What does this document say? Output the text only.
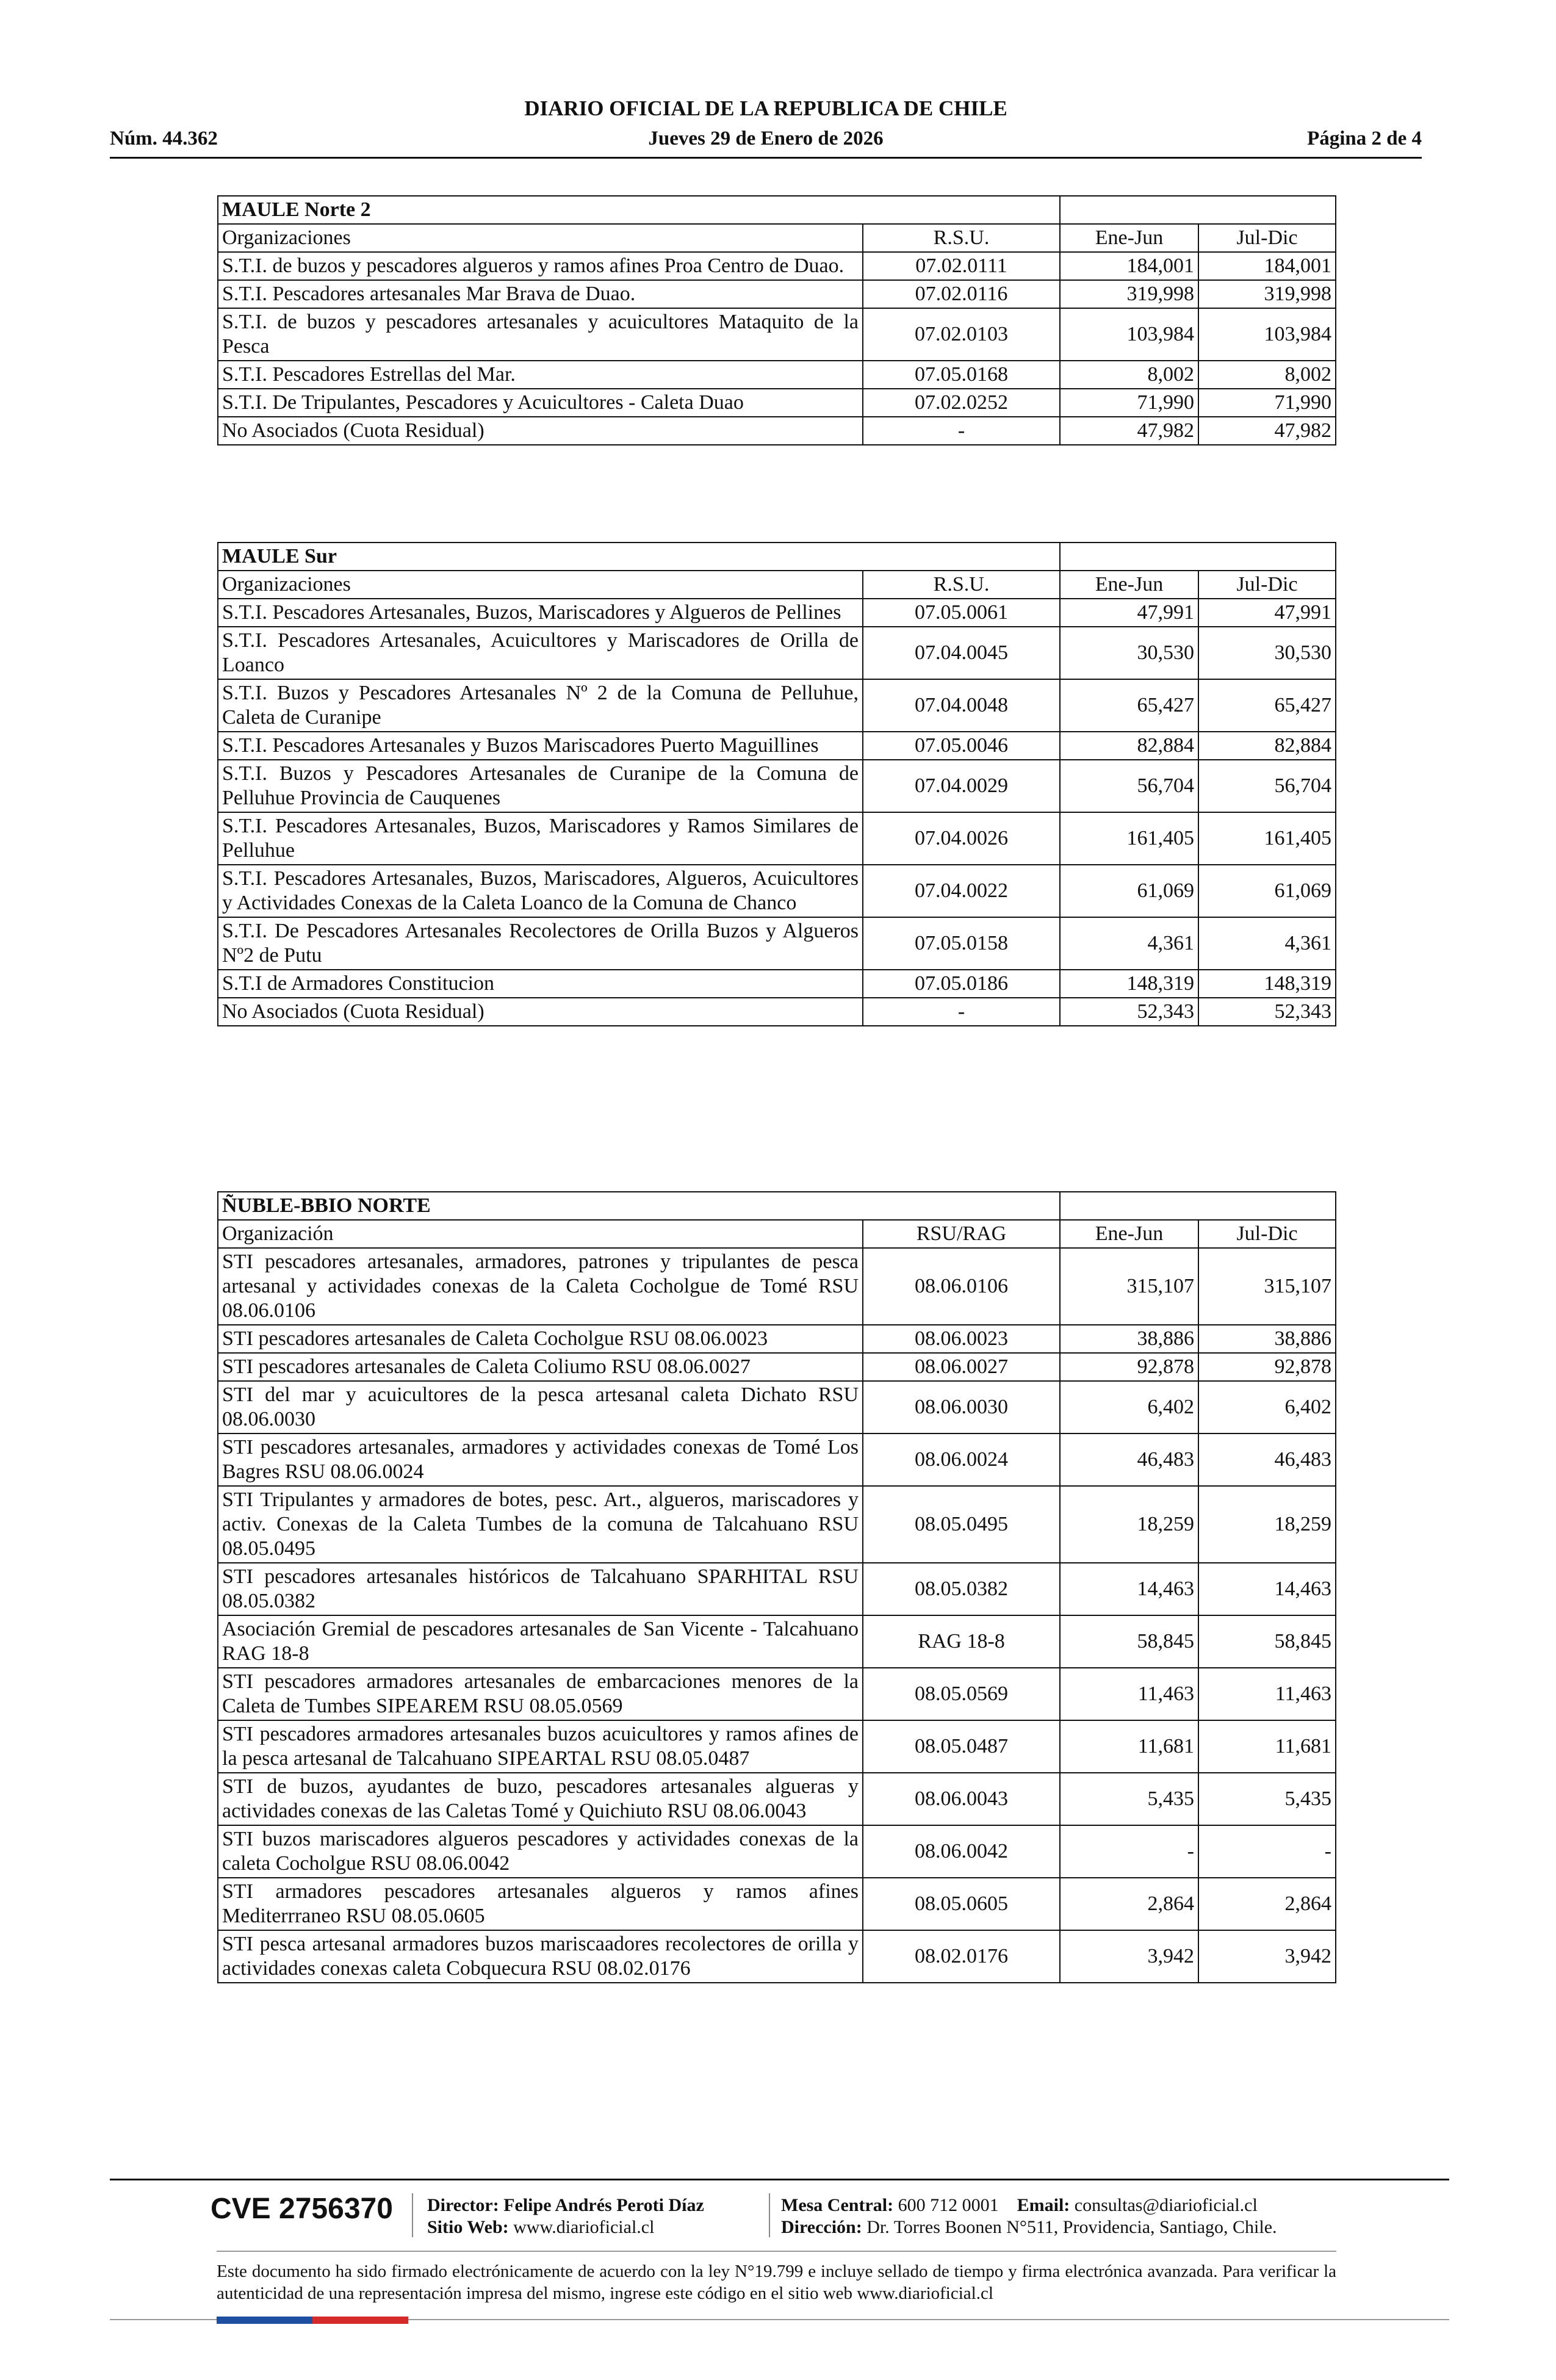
DIARIO OFICIAL DE LA REPUBLICA DE CHILE
Núm. 44.362	Jueves 29 de Enero de 2026	Página 2 de 4
MAULE Norte 2			
Organizaciones	R.S.U.	Ene-Jun	Jul-Dic
S.T.I. de buzos y pescadores algueros y ramos afines Proa Centro de Duao.	07.02.0111	184,001	184,001
S.T.I. Pescadores artesanales Mar Brava de Duao.	07.02.0116	319,998	319,998
S.T.I. de buzos y pescadores artesanales y acuicultores Mataquito de la Pesca	07.02.0103	103,984	103,984
S.T.I. Pescadores Estrellas del Mar.	07.05.0168	8,002	8,002
S.T.I. De Tripulantes, Pescadores y Acuicultores - Caleta Duao	07.02.0252	71,990	71,990
No Asociados (Cuota Residual)	-	47,982	47,982
MAULE Sur			
Organizaciones	R.S.U.	Ene-Jun	Jul-Dic
S.T.I. Pescadores Artesanales, Buzos, Mariscadores y Algueros de Pellines	07.05.0061	47,991	47,991
S.T.I. Pescadores Artesanales, Acuicultores y Mariscadores de Orilla de Loanco	07.04.0045	30,530	30,530
S.T.I. Buzos y Pescadores Artesanales Nº 2 de la Comuna de Pelluhue, Caleta de Curanipe	07.04.0048	65,427	65,427
S.T.I. Pescadores Artesanales y Buzos Mariscadores Puerto Maguillines	07.05.0046	82,884	82,884
S.T.I. Buzos y Pescadores Artesanales de Curanipe de la Comuna de Pelluhue Provincia de Cauquenes	07.04.0029	56,704	56,704
S.T.I. Pescadores Artesanales, Buzos, Mariscadores y Ramos Similares de Pelluhue	07.04.0026	161,405	161,405
S.T.I. Pescadores Artesanales, Buzos, Mariscadores, Algueros, Acuicultores y Actividades Conexas de la Caleta Loanco de la Comuna de Chanco	07.04.0022	61,069	61,069
S.T.I. De Pescadores Artesanales Recolectores de Orilla Buzos y Algueros Nº2 de Putu	07.05.0158	4,361	4,361
S.T.I de Armadores Constitucion	07.05.0186	148,319	148,319
No Asociados (Cuota Residual)	-	52,343	52,343
ÑUBLE-BBIO NORTE			
Organización	RSU/RAG	Ene-Jun	Jul-Dic
STI pescadores artesanales, armadores, patrones y tripulantes de pesca artesanal y actividades conexas de la Caleta Cocholgue de Tomé RSU 08.06.0106	08.06.0106	315,107	315,107
STI pescadores artesanales de Caleta Cocholgue RSU 08.06.0023	08.06.0023	38,886	38,886
STI pescadores artesanales de Caleta Coliumo RSU 08.06.0027	08.06.0027	92,878	92,878
STI del mar y acuicultores de la pesca artesanal caleta Dichato RSU 08.06.0030	08.06.0030	6,402	6,402
STI pescadores artesanales, armadores y actividades conexas de Tomé Los Bagres RSU 08.06.0024	08.06.0024	46,483	46,483
STI Tripulantes y armadores de botes, pesc. Art., algueros, mariscadores y activ. Conexas de la Caleta Tumbes de la comuna de Talcahuano RSU 08.05.0495	08.05.0495	18,259	18,259
STI pescadores artesanales históricos de Talcahuano SPARHITAL RSU 08.05.0382	08.05.0382	14,463	14,463
Asociación Gremial de pescadores artesanales de San Vicente - Talcahuano RAG 18-8	RAG 18-8	58,845	58,845
STI pescadores armadores artesanales de embarcaciones menores de la Caleta de Tumbes SIPEAREM RSU 08.05.0569	08.05.0569	11,463	11,463
STI pescadores armadores artesanales buzos acuicultores y ramos afines de la pesca artesanal de Talcahuano SIPEARTAL RSU 08.05.0487	08.05.0487	11,681	11,681
STI de buzos, ayudantes de buzo, pescadores artesanales algueras y actividades conexas de las Caletas Tomé y Quichiuto RSU 08.06.0043	08.06.0043	5,435	5,435
STI buzos mariscadores algueros pescadores y actividades conexas de la caleta Cocholgue RSU 08.06.0042	08.06.0042	-	-
STI armadores pescadores artesanales algueros y ramos afines Mediterrraneo RSU 08.05.0605	08.05.0605	2,864	2,864
STI pesca artesanal armadores buzos mariscaadores recolectores de orilla y actividades conexas caleta Cobquecura RSU 08.02.0176	08.02.0176	3,942	3,942
CVE 2756370 Director: Felipe Andrés Peroti Díaz
Sitio Web: www.diarioficial.cl
Mesa Central: 600 712 0001 Email: consultas@diarioficial.cl
Dirección: Dr. Torres Boonen N°511, Providencia, Santiago, Chile.
Este documento ha sido firmado electrónicamente de acuerdo con la ley N°19.799 e incluye sellado de tiempo y firma electrónica avanzada. Para verificar la autenticidad de una representación impresa del mismo, ingrese este código en el sitio web www.diarioficial.cl
